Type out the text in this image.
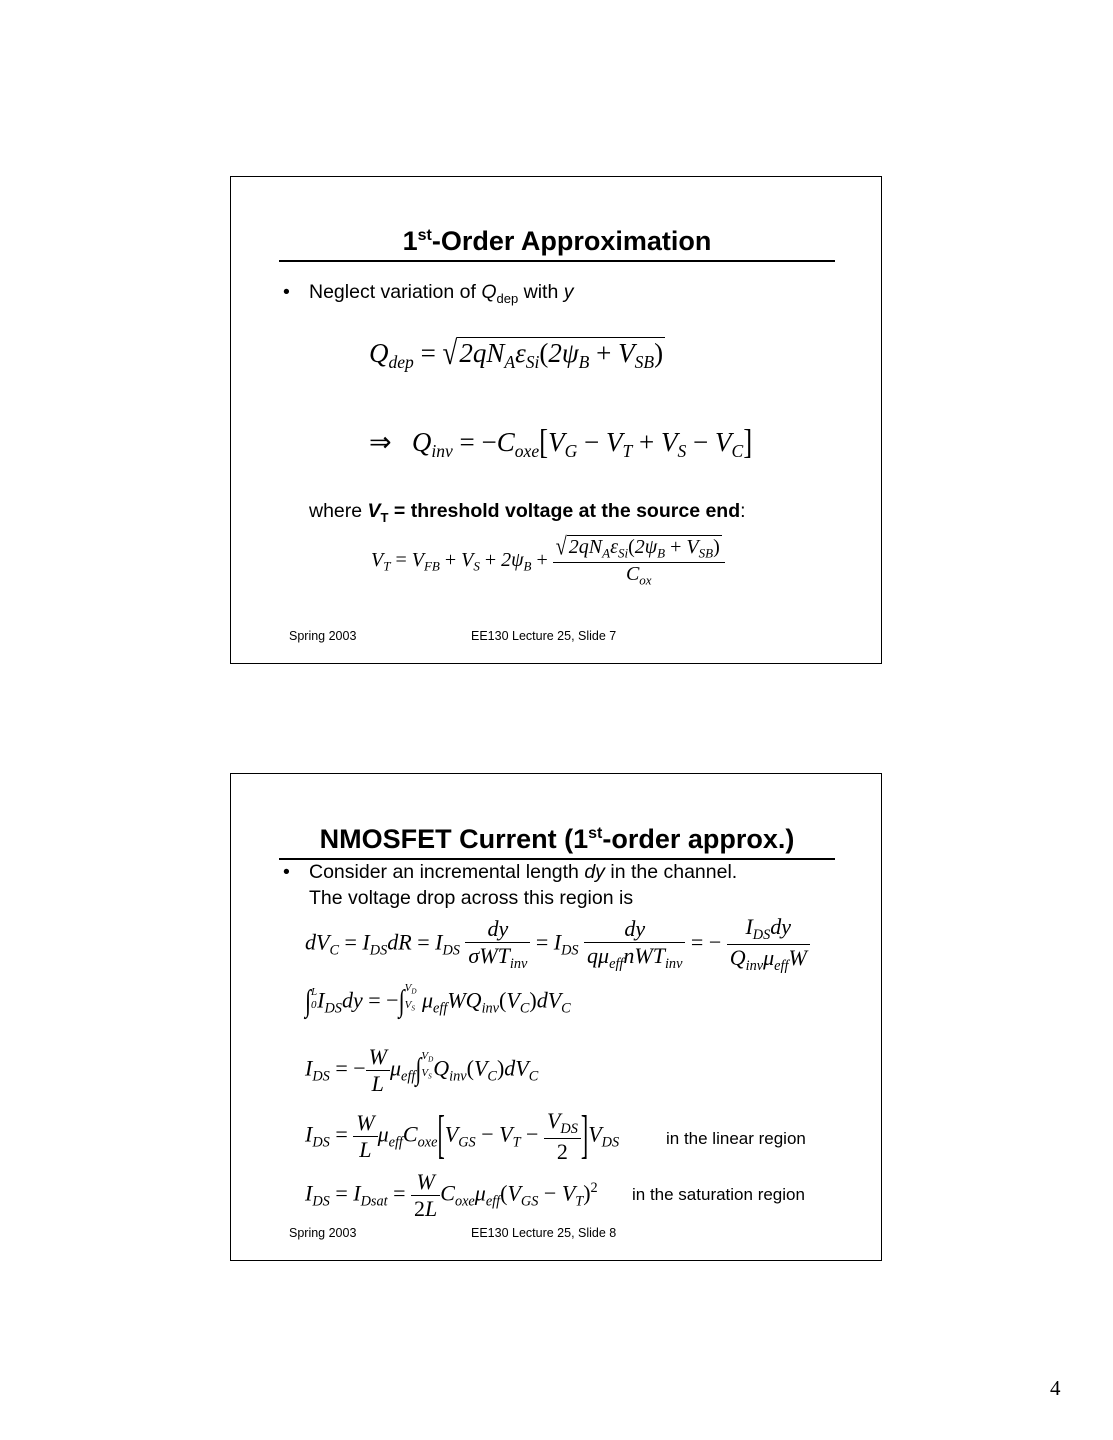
1st-Order Approximation
• Neglect variation of $Q_{dep}$ with y
$Q_{dep} = √2qN_A\varepsilon_{Si}(2\psi_B + V_{SB})$
⇒   $Q_{inv} = -C_{oxe}[V_G - V_T + V_S - V_C]$
where $V_T$ = threshold voltage at the source end:
$V_T = V_{FB} + V_S + 2\psi_B + \frac{√ 2qN_A\varepsilon_{Si}(2\psi_B + V_{SB})}{C_{ox}}$
Spring 2003	EE130 Lecture 25, Slide 7
NMOSFET Current (1st-order approx.)
• Consider an incremental length dy in the channel.
The voltage drop across this region is
$dV_C = I_{DS}dR = I_{DS} \frac{dy}{\sigma WT_{inv}} = I_{DS} \frac{dy}{q\mu_{eff}nWT_{inv}}$ = − $\frac{I_{DS}dy}{Q_{inv}\mu_{eff}W}$
∫ L
0 $I_{DS}dy$ = −∫ $V_D$
$V_S$ $\mu_{eff}WQ_{inv}(V_C)dV_C$
$I_{DS}$ = − $\frac{W}{L} \mu_{eff}\int$ $V_D$
$V_S$ $Q_{inv}(V_C)dV_C$
$I_{DS} = \frac{W}{L} \mu_{eff}C_{oxe}[V_{GS} - V_T - \frac{V_{DS}}{2} ]V_{DS}$	in the linear region
$I_{DS} = I_{Dsat} = \frac{W}{2L} C_{oxe}\mu_{eff}(V_{GS} - V_T)^2$ in the saturation region
Spring 2003	EE130 Lecture 25, Slide 8
4
